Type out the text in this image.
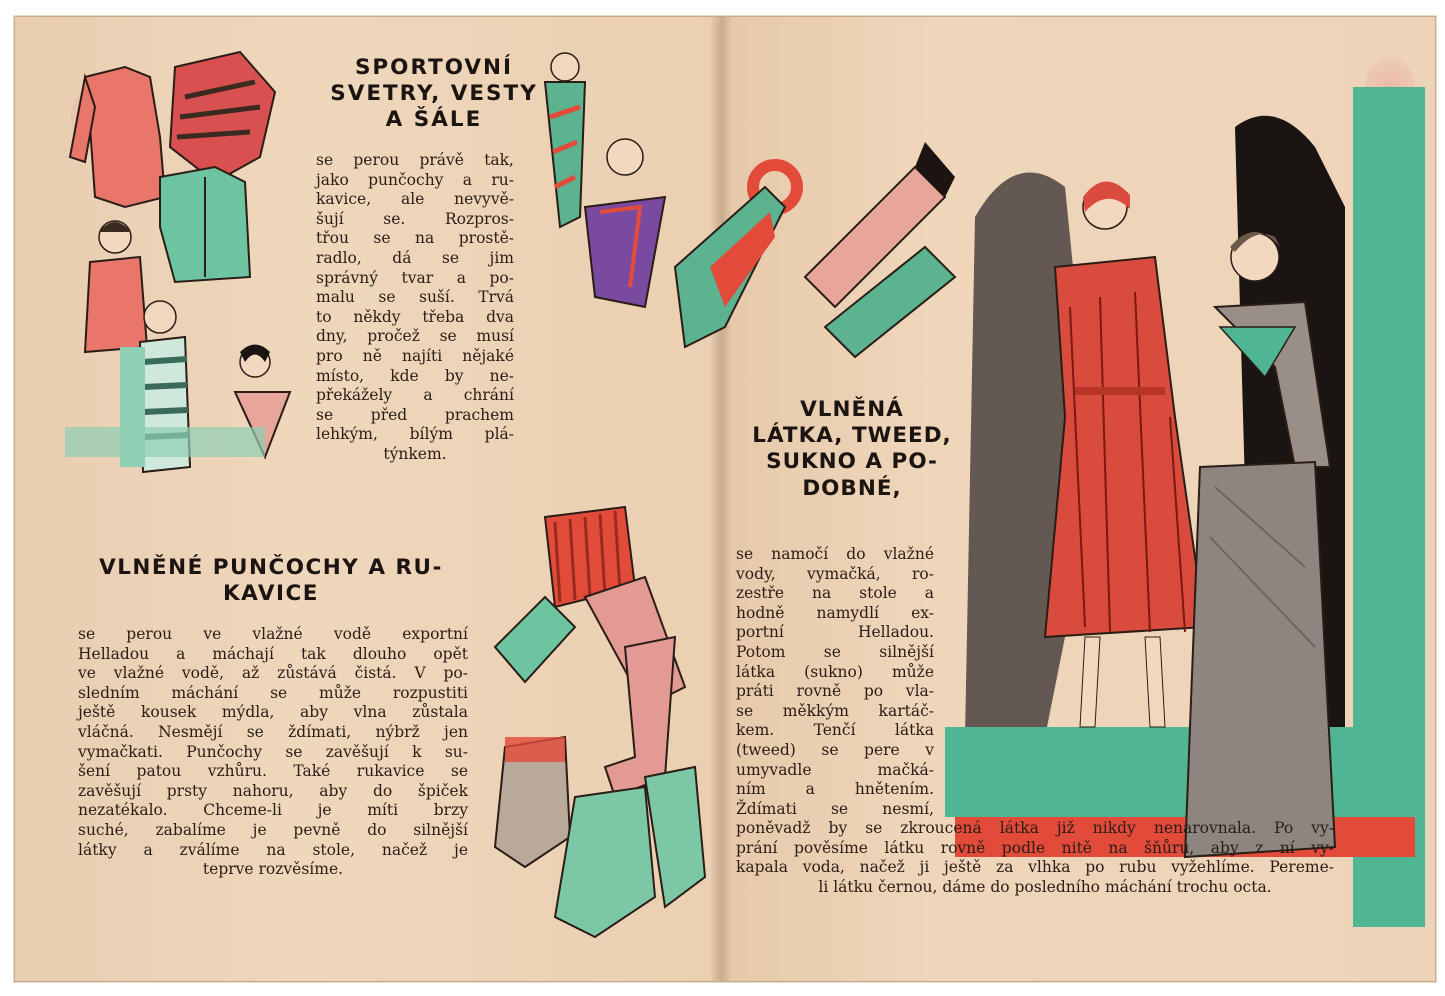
SPORTOVNÍ
SVETRY, VESTY
A ŠÁLE
se perou právě tak,
jako punčochy a ru-
kavice, ale nevyvě-
šují se. Rozpros-
třou se na prostě-
radlo, dá se jim
správný tvar a po-
malu se suší. Trvá
to někdy třeba dva
dny, pročež se musí
pro ně najíti nějaké
místo, kde by ne-
překážely a chrání
se před prachem
lehkým, bílým plá-
týnkem.
VLNĚNÉ PUNČOCHY A RU-
KAVICE
se perou ve vlažné vodě exportní
Helladou a máchají tak dlouho opět
ve vlažné vodě, až zůstává čistá. V po-
sledním máchání se může rozpustiti
ještě kousek mýdla, aby vlna zůstala
vláčná. Nesmějí se ždímati, nýbrž jen
vymačkati. Punčochy se zavěšují k su-
šení patou vzhůru. Také rukavice se
zavěšují prsty nahoru, aby do špiček
nezatékalo. Chceme-li je míti brzy
suché, zabalíme je pevně do silnější
látky a zválíme na stole, načež je
teprve rozvěsíme.
VLNĚNÁ
LÁTKA, TWEED,
SUKNO A PO-
DOBNÉ,
se namočí do vlažné
vody, vymačká, ro-
zestře na stole a
hodně namydlí ex-
portní Helladou.
Potom se silnější
látka (sukno) může
práti rovně po vla-
se měkkým kartáč-
kem. Tenčí látka
(tweed) se pere v
umyvadle mačká-
ním a hnětením.
Ždímati se nesmí,
poněvadž by se zkroucená látka již nikdy nenarovnala. Po vy-
prání pověsíme látku rovně podle nitě na šňůru, aby z ní vy-
kapala voda, načež ji ještě za vlhka po rubu vyžehlíme. Pereme-
li látku černou, dáme do posledního máchání trochu octa.
